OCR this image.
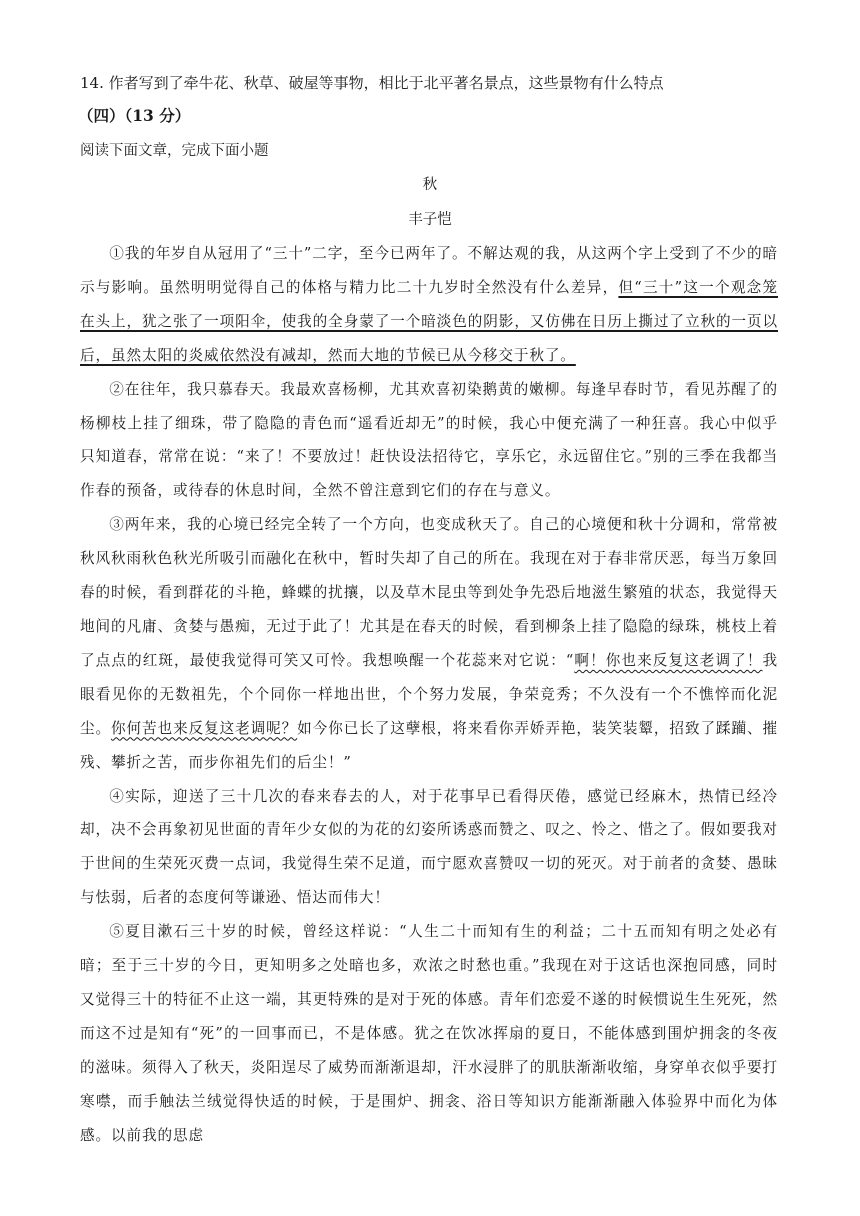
14. 作者写到了牵牛花、秋草、破屋等事物，相比于北平著名景点，这些景物有什么特点
（四）（13 分）
阅读下面文章，完成下面小题
秋
丰子恺

①我的年岁自从冠用了“三十”二字，至今已两年了。不解达观的我，从这两个字上受到了不少的暗示与影响。虽然明明觉得自己的体格与精力比二十九岁时全然没有什么差异，但“三十”这一个观念笼在头上，犹之张了一项阳伞，使我的全身蒙了一个暗淡色的阴影，又仿佛在日历上撕过了立秋的一页以后，虽然太阳的炎威依然没有减却，然而大地的节候已从今移交于秋了。

②在往年，我只慕春天。我最欢喜杨柳，尤其欢喜初染鹅黄的嫩柳。每逢早春时节，看见苏醒了的杨柳枝上挂了细珠，带了隐隐的青色而“遥看近却无”的时候，我心中便充满了一种狂喜。我心中似乎只知道春，常常在说：“来了！不要放过！赶快设法招待它，享乐它，永远留住它。”别的三季在我都当作春的预备，或待春的休息时间，全然不曾注意到它们的存在与意义。

③两年来，我的心境已经完全转了一个方向，也变成秋天了。自己的心境便和秋十分调和，常常被秋风秋雨秋色秋光所吸引而融化在秋中，暂时失却了自己的所在。我现在对于春非常厌恶，每当万象回春的时候，看到群花的斗艳，蜂蝶的扰攘，以及草木昆虫等到处争先恐后地滋生繁殖的状态，我觉得天地间的凡庸、贪婪与愚痴，无过于此了！尤其是在春天的时候，看到柳条上挂了隐隐的绿珠，桃枝上着了点点的红斑，最使我觉得可笑又可怜。我想唤醒一个花蕊来对它说：“啊！你也来反复这老调了！我眼看见你的无数祖先，个个同你一样地出世，个个努力发展，争荣竞秀；不久没有一个不憔悴而化泥尘。你何苦也来反复这老调呢？如今你已长了这孽根，将来看你弄娇弄艳，装笑装颦，招致了蹂躏、摧残、攀折之苦，而步你祖先们的后尘！”

④实际，迎送了三十几次的春来春去的人，对于花事早已看得厌倦，感觉已经麻木，热情已经冷却，决不会再象初见世面的青年少女似的为花的幻姿所诱惑而赞之、叹之、怜之、惜之了。假如要我对于世间的生荣死灭费一点词，我觉得生荣不足道，而宁愿欢喜赞叹一切的死灭。对于前者的贪婪、愚昧与怯弱，后者的态度何等谦逊、悟达而伟大！

⑤夏目漱石三十岁的时候，曾经这样说：“人生二十而知有生的利益；二十五而知有明之处必有暗；至于三十岁的今日，更知明多之处暗也多，欢浓之时愁也重。”我现在对于这话也深抱同感，同时又觉得三十的特征不止这一端，其更特殊的是对于死的体感。青年们恋爱不遂的时候惯说生生死死，然而这不过是知有“死”的一回事而已，不是体感。犹之在饮冰挥扇的夏日，不能体感到围炉拥衾的冬夜的滋味。须得入了秋天，炎阳逞尽了威势而渐渐退却，汗水浸胖了的肌肤渐渐收缩，身穿单衣似乎要打寒噤，而手触法兰绒觉得快适的时候，于是围炉、拥衾、浴日等知识方能渐渐融入体验界中而化为体感。以前我的思虑
